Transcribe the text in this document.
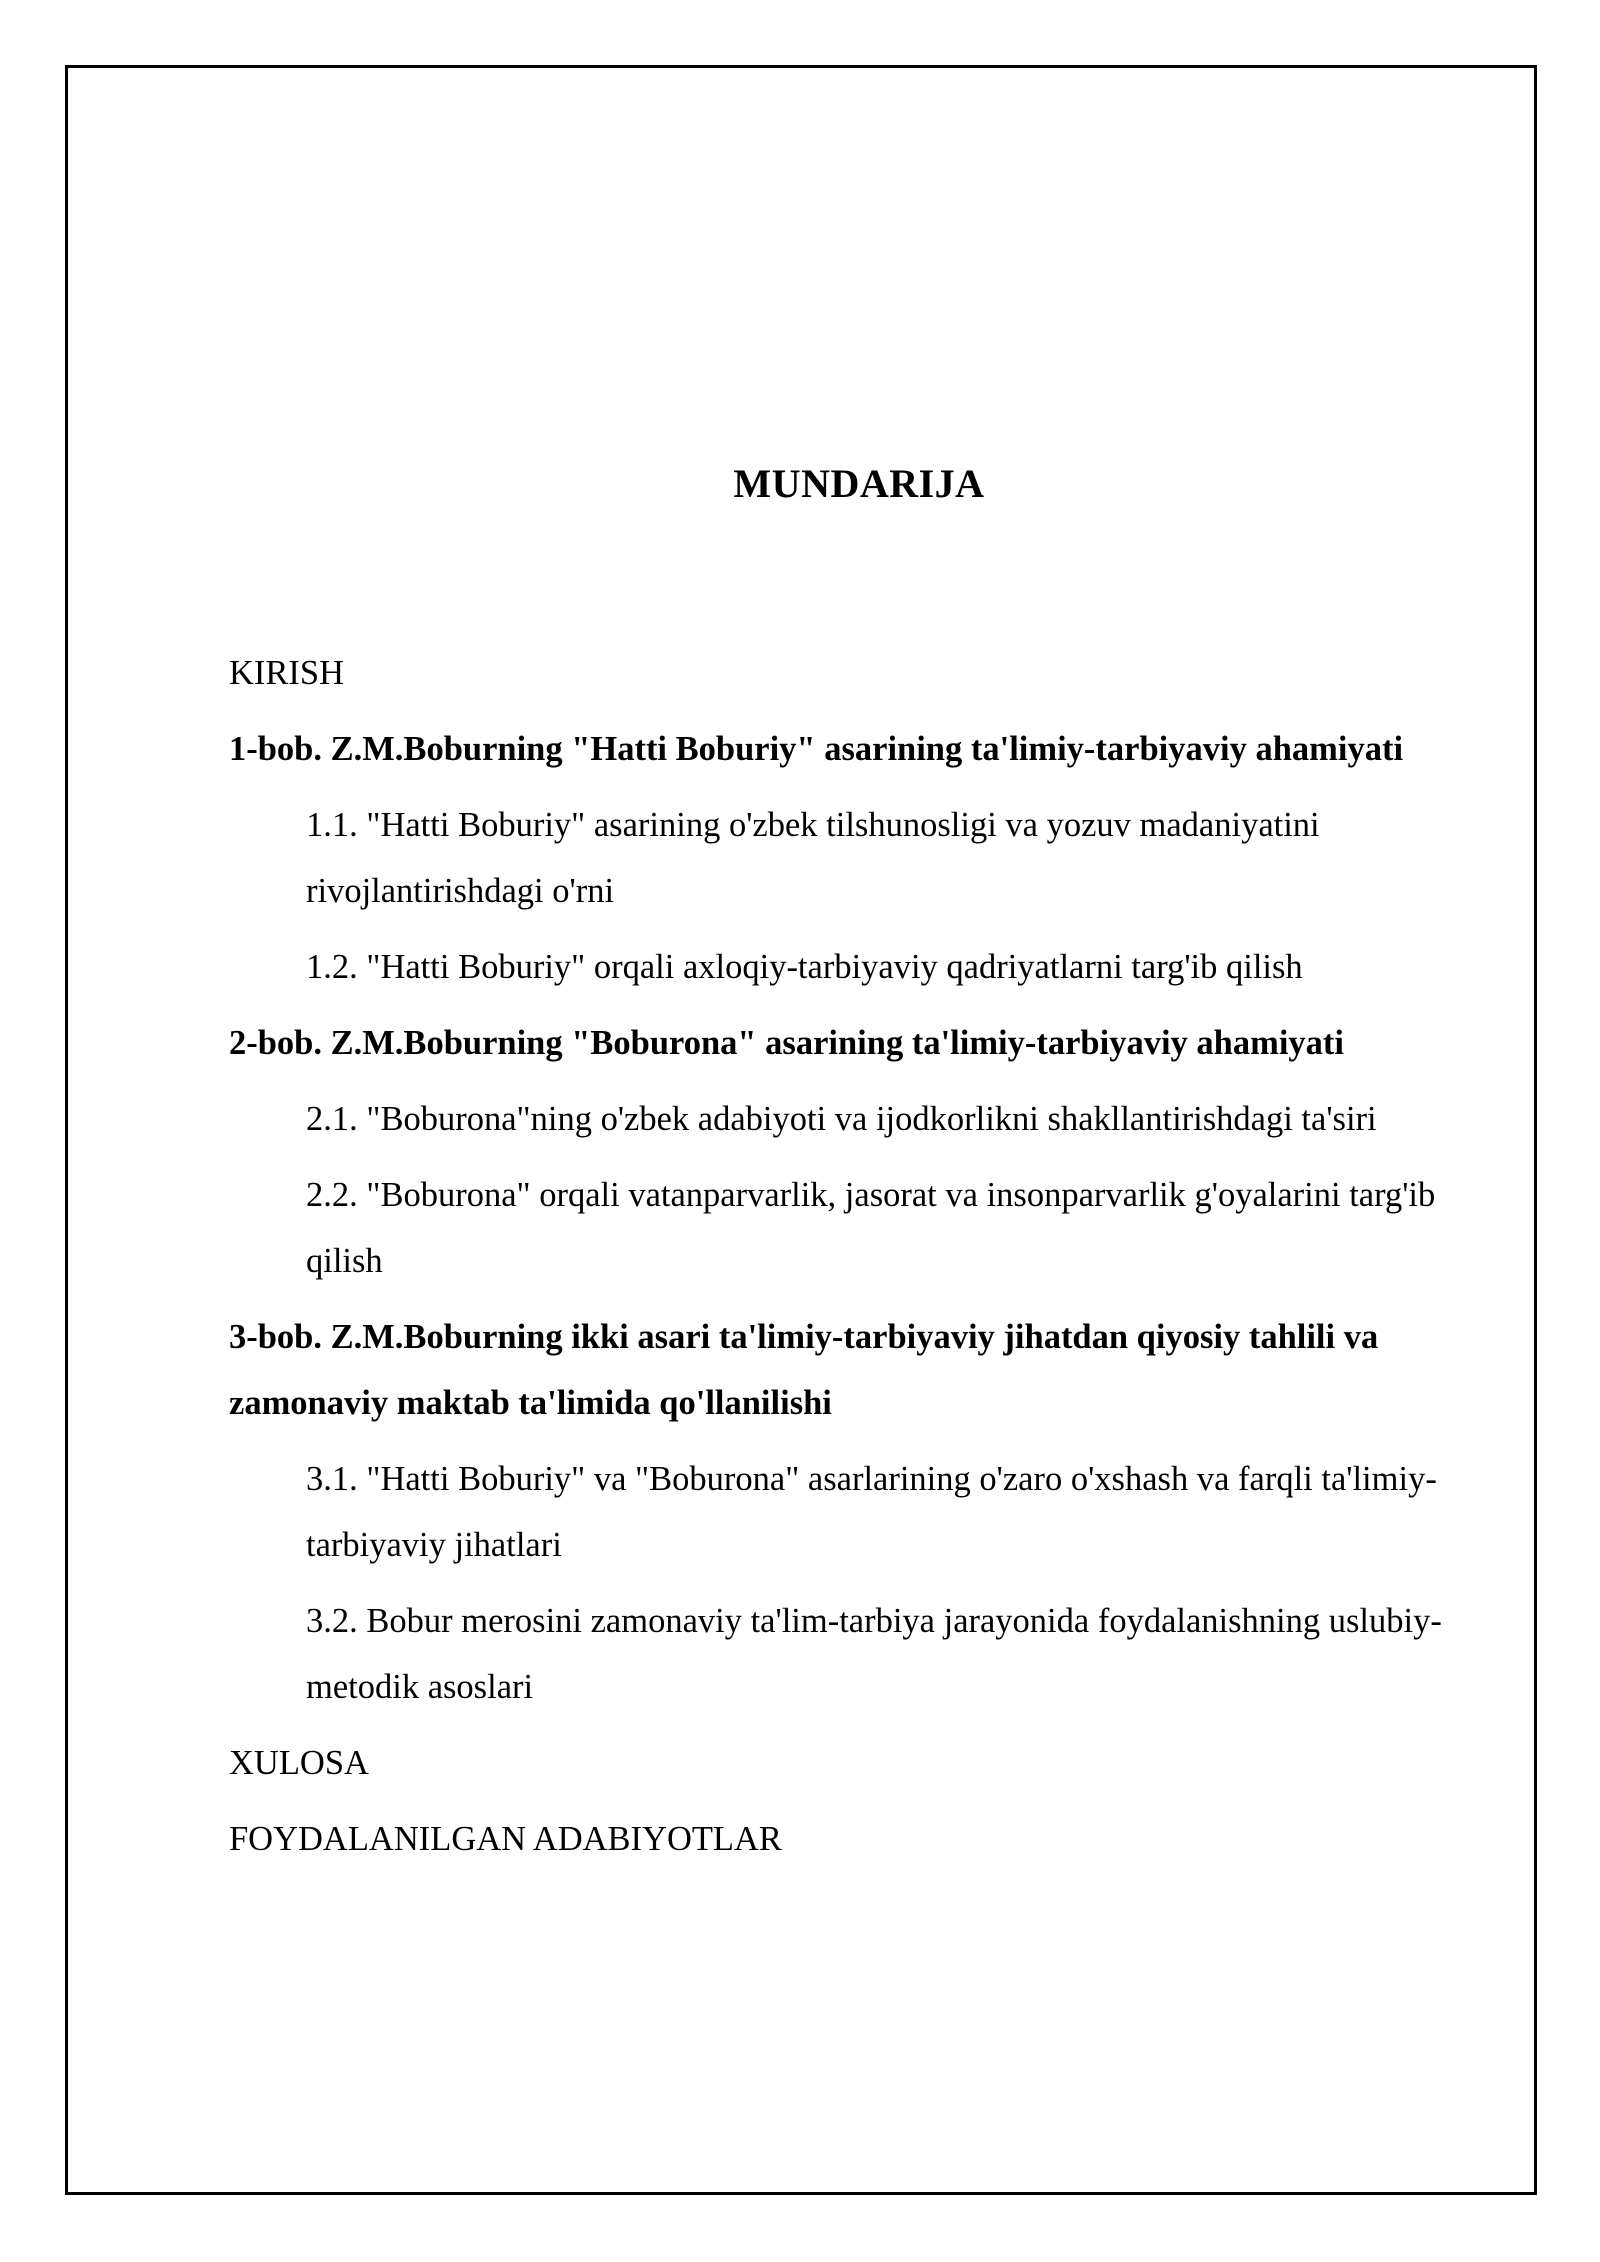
MUNDARIJA
KIRISH
1-bob. Z.M.Boburning "Hatti Boburiy" asarining ta'limiy-tarbiyaviy ahamiyati
1.1. "Hatti Boburiy" asarining o'zbek tilshunosligi va yozuv madaniyatini rivojlantirishdagi o'rni
1.2. "Hatti Boburiy" orqali axloqiy-tarbiyaviy qadriyatlarni targ'ib qilish
2-bob. Z.M.Boburning "Boburona" asarining ta'limiy-tarbiyaviy ahamiyati
2.1. "Boburona"ning o'zbek adabiyoti va ijodkorlikni shakllantirishdagi ta'siri
2.2. "Boburona" orqali vatanparvarlik, jasorat va insonparvarlik g'oyalarini targ'ib qilish
3-bob. Z.M.Boburning ikki asari ta'limiy-tarbiyaviy jihatdan qiyosiy tahlili va zamonaviy maktab ta'limida qo'llanilishi
3.1. "Hatti Boburiy" va "Boburona" asarlarining o'zaro o'xshash va farqli ta'limiy-tarbiyaviy jihatlari
3.2. Bobur merosini zamonaviy ta'lim-tarbiya jarayonida foydalanishning uslubiy-metodik asoslari
XULOSA
FOYDALANILGAN ADABIYOTLAR
